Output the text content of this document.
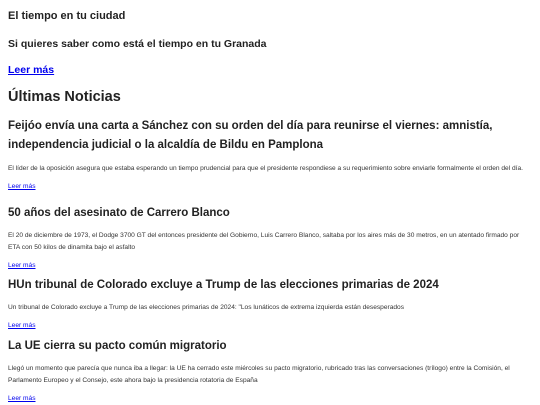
El tiempo en tu ciudad
Si quieres saber como está el tiempo en tu Granada
Leer más
Últimas Noticias
Feijóo envía una carta a Sánchez con su orden del día para reunirse el viernes: amnistía, independencia judicial o la alcaldía de Bildu en Pamplona

El líder de la oposición asegura que estaba esperando un tiempo prudencial para que el presidente respondiese a su requerimiento sobre enviarle formalmente el orden del día.

Leer más
50 años del asesinato de Carrero Blanco

El 20 de diciembre de 1973, el Dodge 3700 GT del entonces presidente del Gobierno, Luis Carrero Blanco, saltaba por los aires más de 30 metros, en un atentado firmado por ETA con 50 kilos de dinamita bajo el asfalto

Leer más
HUn tribunal de Colorado excluye a Trump de las elecciones primarias de 2024

Un tribunal de Colorado excluye a Trump de las elecciones primarias de 2024: "Los lunáticos de extrema izquierda están desesperados

Leer más
La UE cierra su pacto común migratorio

Llegó un momento que parecía que nunca iba a llegar: la UE ha cerrado este miércoles su pacto migratorio, rubricado tras las conversaciones (trílogo) entre la Comisión, el Parlamento Europeo y el Consejo, este ahora bajo la presidencia rotatoria de España

Leer más
